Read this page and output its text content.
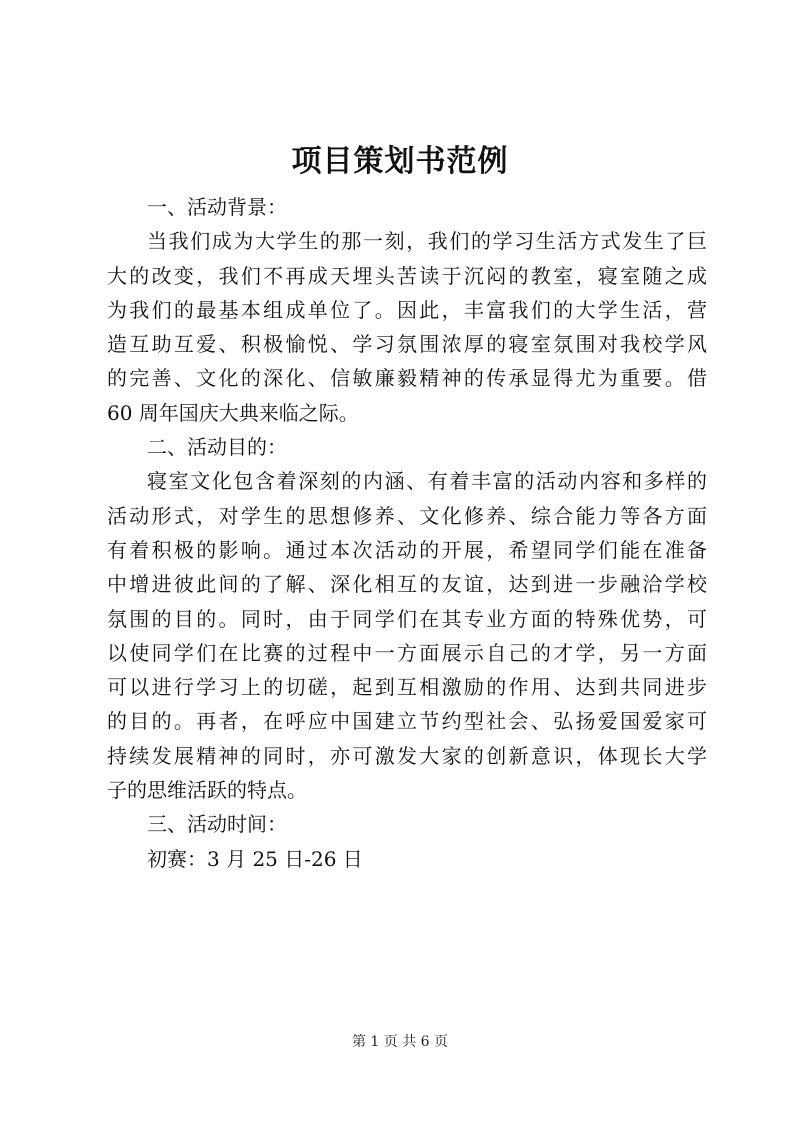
项目策划书范例
一、活动背景：
当我们成为大学生的那一刻，我们的学习生活方式发生了巨
大的改变，我们不再成天埋头苦读于沉闷的教室，寝室随之成
为我们的最基本组成单位了。因此，丰富我们的大学生活，营
造互助互爱、积极愉悦、学习氛围浓厚的寝室氛围对我校学风
的完善、文化的深化、信敏廉毅精神的传承显得尤为重要。借
60 周年国庆大典来临之际。
二、活动目的：
寝室文化包含着深刻的内涵、有着丰富的活动内容和多样的
活动形式，对学生的思想修养、文化修养、综合能力等各方面
有着积极的影响。通过本次活动的开展，希望同学们能在准备
中增进彼此间的了解、深化相互的友谊，达到进一步融洽学校
氛围的目的。同时，由于同学们在其专业方面的特殊优势，可
以使同学们在比赛的过程中一方面展示自己的才学，另一方面
可以进行学习上的切磋，起到互相激励的作用、达到共同进步
的目的。再者，在呼应中国建立节约型社会、弘扬爱国爱家可
持续发展精神的同时，亦可激发大家的创新意识，体现长大学
子的思维活跃的特点。
三、活动时间：
初赛：3 月 25 日-26 日
第 1 页 共 6 页
